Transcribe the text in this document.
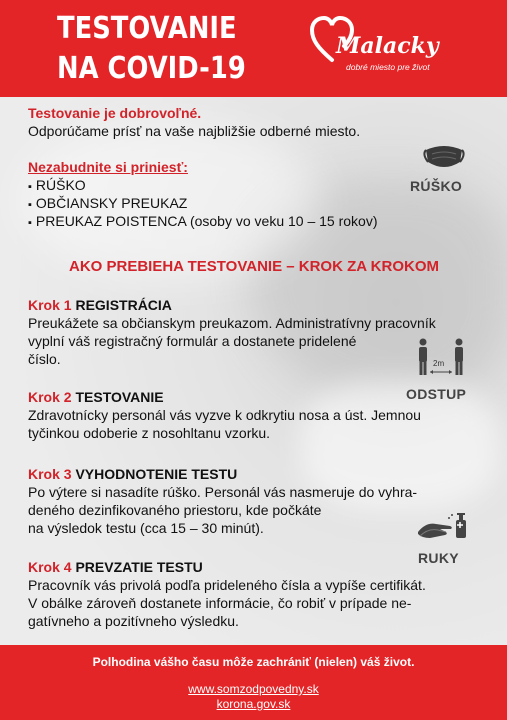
TESTOVANIE
NA COVID-19
Malacky
dobré miesto pre život
Testovanie je dobrovoľné.
Odporúčame prísť na vaše najbližšie odberné miesto.
Nezabudnite si priniesť:
▪ RÚŠKO
▪ OBČIANSKY PREUKAZ
▪ PREUKAZ POISTENCA (osoby vo veku 10 – 15 rokov)
AKO PREBIEHA TESTOVANIE – KROK ZA KROKOM
Krok 1 REGISTRÁCIA
Preukážete sa občianskym preukazom. Administratívny pracovník
vyplní váš registračný formulár a dostanete pridelené
číslo.
Krok 2 TESTOVANIE
Zdravotnícky personál vás vyzve k odkrytiu nosa a úst. Jemnou
tyčinkou odoberie z nosohltanu vzorku.
Krok 3 VYHODNOTENIE TESTU
Po výtere si nasadíte rúško. Personál vás nasmeruje do vyhra-
deného dezinfikovaného priestoru, kde počkáte
na výsledok testu (cca 15 – 30 minút).
Krok 4 PREVZATIE TESTU
Pracovník vás privolá podľa prideleného čísla a vypíše certifikát.
V obálke zároveň dostanete informácie, čo robiť v prípade ne-
gatívneho a pozitívneho výsledku.
RÚŠKO
2m
ODSTUP
RUKY
Polhodina vášho času môže zachrániť (nielen) váš život.
www.somzodpovedny.sk
korona.gov.sk
